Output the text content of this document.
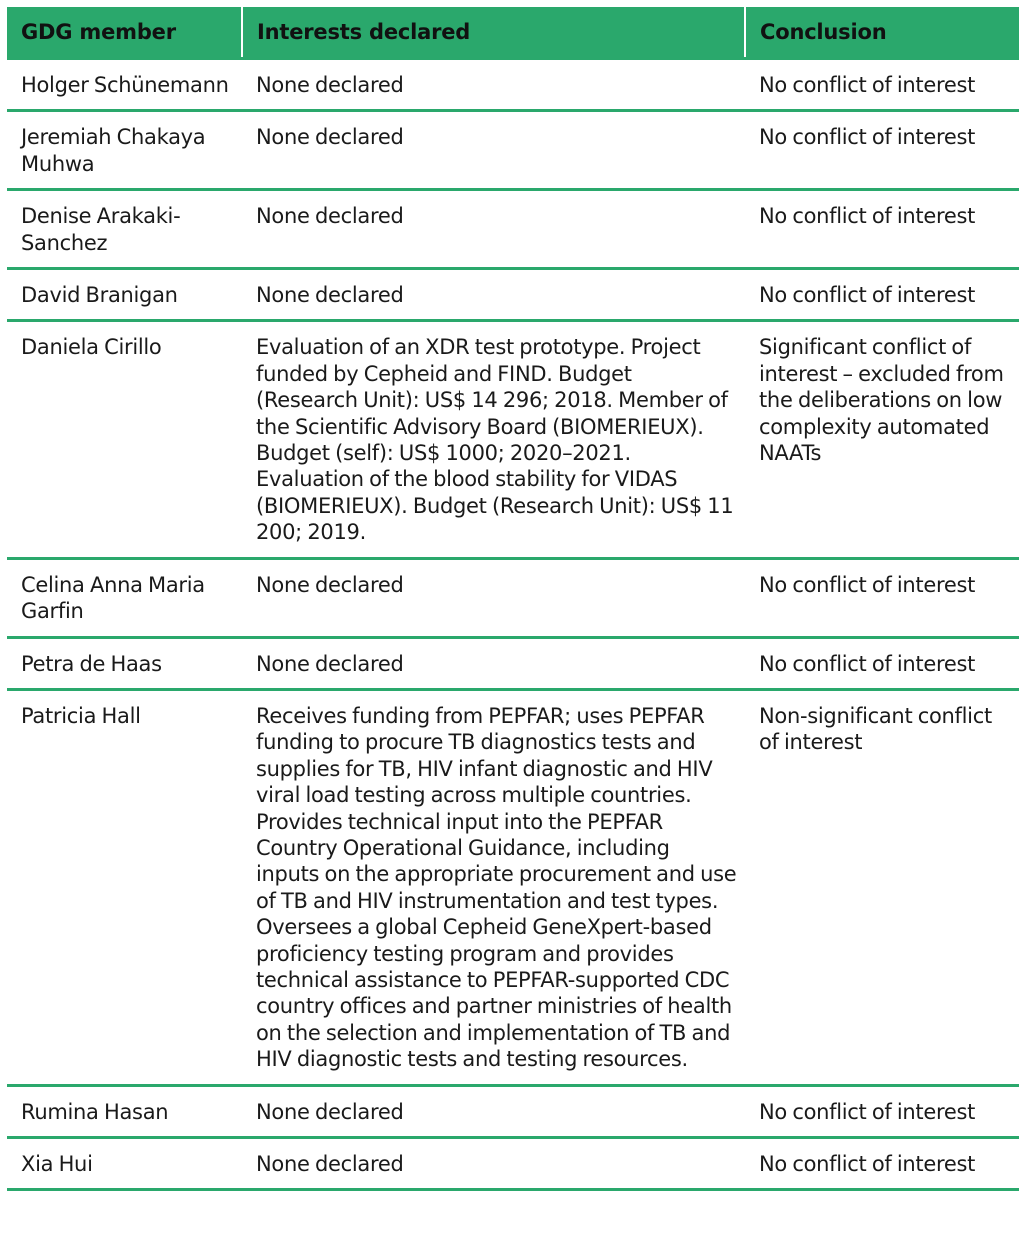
GDG member	Interests declared	Conclusion
Holger Schünemann	None declared	No conflict of interest
Jeremiah Chakaya Muhwa	None declared	No conflict of interest
Denise Arakaki-Sanchez	None declared	No conflict of interest
David Branigan	None declared	No conflict of interest
Daniela Cirillo	Evaluation of an XDR test prototype. Project funded by Cepheid and FIND. Budget (Research Unit): US$ 14 296; 2018. Member of the Scientific Advisory Board (BIOMERIEUX). Budget (self): US$ 1000; 2020–2021. Evaluation of the blood stability for VIDAS (BIOMERIEUX). Budget (Research Unit): US$ 11 200; 2019.	Significant conflict of interest – excluded from the deliberations on low complexity automated NAATs
Celina Anna Maria Garfin	None declared	No conflict of interest
Petra de Haas	None declared	No conflict of interest
Patricia Hall	Receives funding from PEPFAR; uses PEPFAR funding to procure TB diagnostics tests and supplies for TB, HIV infant diagnostic and HIV viral load testing across multiple countries. Provides technical input into the PEPFAR Country Operational Guidance, including inputs on the appropriate procurement and use of TB and HIV instrumentation and test types. Oversees a global Cepheid GeneXpert-based proficiency testing program and provides technical assistance to PEPFAR-supported CDC country offices and partner ministries of health on the selection and implementation of TB and HIV diagnostic tests and testing resources.	Non-significant conflict of interest
Rumina Hasan	None declared	No conflict of interest
Xia Hui	None declared	No conflict of interest
